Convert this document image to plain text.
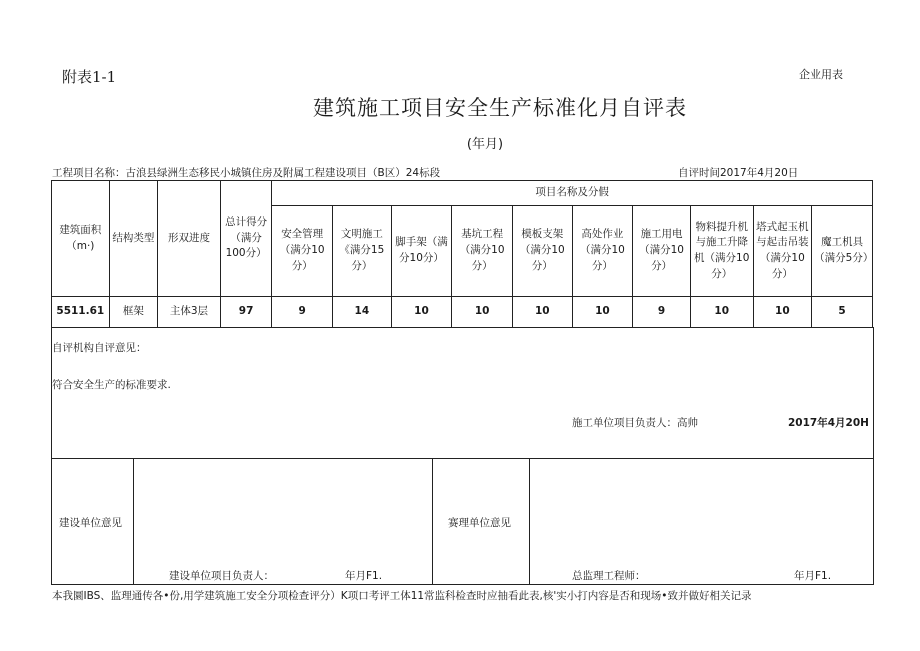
附表1-1	企业用表
建筑施工项目安全生产标准化月自评表
(年月)
工程项目名称：古浪县绿洲生态移民小城镇住房及附属工程建设项目（B区）24标段	自评时间2017年4月20日
建筑面积（m·)	结构类型	形双进度	总计得分（满分100分）	项目名称及分假									
				安全管理（满分10分）	文明施工《满分15分）	脚手架（满分10分）	基坑工程（满分10分）	模板支架（满分10分）	高处作业（满分10分）	施工用电（满分10分）	物料提升机与施工升降机（满分10分）	塔式起玉机与起击吊装（满分10分）	魔工机具（满分5分）
5511.61	框架	主体3层	97	9	14	10	10	10	10	9	10	10	5
自评机构自评意见：
符合安全生产的标准要求.
施工单位项目负责人：高帅	2017年4月20H
建设单位意见
建设单位项目负责人：	年月F1.
赛理单位意见
总监理工程师：	年月F1.
本我圜IBS、监理通传各•份,用学建筑施工安全分项检查评分）K项口考评工体11常监科检查时应抽看此表,核'实小打内容是否和现场•致并做好相关记录
